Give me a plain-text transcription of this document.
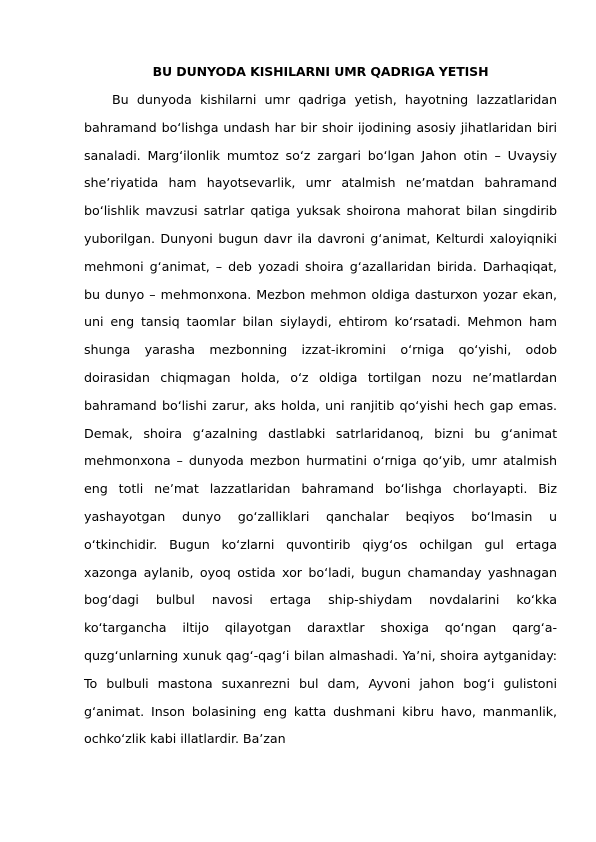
BU DUNYODA KISHILARNI UMR QADRIGA YETISH

Bu dunyoda kishilarni umr qadriga yetish, hayotning lazzatlaridan bahramand boʻlishga undash har bir shoir ijodining asosiy jihatlaridan biri sanaladi. Margʻilonlik mumtoz soʻz zargari boʻlgan Jahon otin – Uvaysiy sheʼriyatida ham hayotsevarlik, umr atalmish neʼmatdan bahramand boʻlishlik mavzusi satrlar qatiga yuksak shoirona mahorat bilan singdirib yuborilgan. Dunyoni bugun davr ila davroni gʻanimat, Kelturdi xaloyiqniki mehmoni gʻanimat, – deb yozadi shoira gʻazallaridan birida. Darhaqiqat, bu dunyo – mehmonxona. Mezbon mehmon oldiga dasturxon yozar ekan, uni eng tansiq taomlar bilan siylaydi, ehtirom koʻrsatadi. Mehmon ham shunga yarasha mezbonning izzat-ikromini oʻrniga qoʻyishi, odob doirasidan chiqmagan holda, oʻz oldiga tortilgan nozu neʼmatlardan bahramand boʻlishi zarur, aks holda, uni ranjitib qoʻyishi hech gap emas. Demak, shoira gʻazalning dastlabki satrlaridanoq, bizni bu gʻanimat mehmonxona – dunyoda mezbon hurmatini oʻrniga qoʻyib, umr atalmish eng totli neʼmat lazzatlaridan bahramand boʻlishga chorlayapti. Biz yashayotgan dunyo goʻzalliklari qanchalar beqiyos boʻlmasin u oʻtkinchidir. Bugun koʻzlarni quvontirib qiygʻos ochilgan gul ertaga xazonga aylanib, oyoq ostida xor boʻladi, bugun chamanday yashnagan bogʻdagi bulbul navosi ertaga ship-shiydam novdalarini koʻkka koʻtargancha iltijo qilayotgan daraxtlar shoxiga qoʻngan qargʻa-quzgʻunlarning xunuk qagʻ-qagʻi bilan almashadi. Yaʼni, shoira aytganiday: To bulbuli mastona suxanrezni bul dam, Ayvoni jahon bogʻi gulistoni gʻanimat. Inson bolasining eng katta dushmani kibru havo, manmanlik, ochkoʻzlik kabi illatlardir. Baʼzan
